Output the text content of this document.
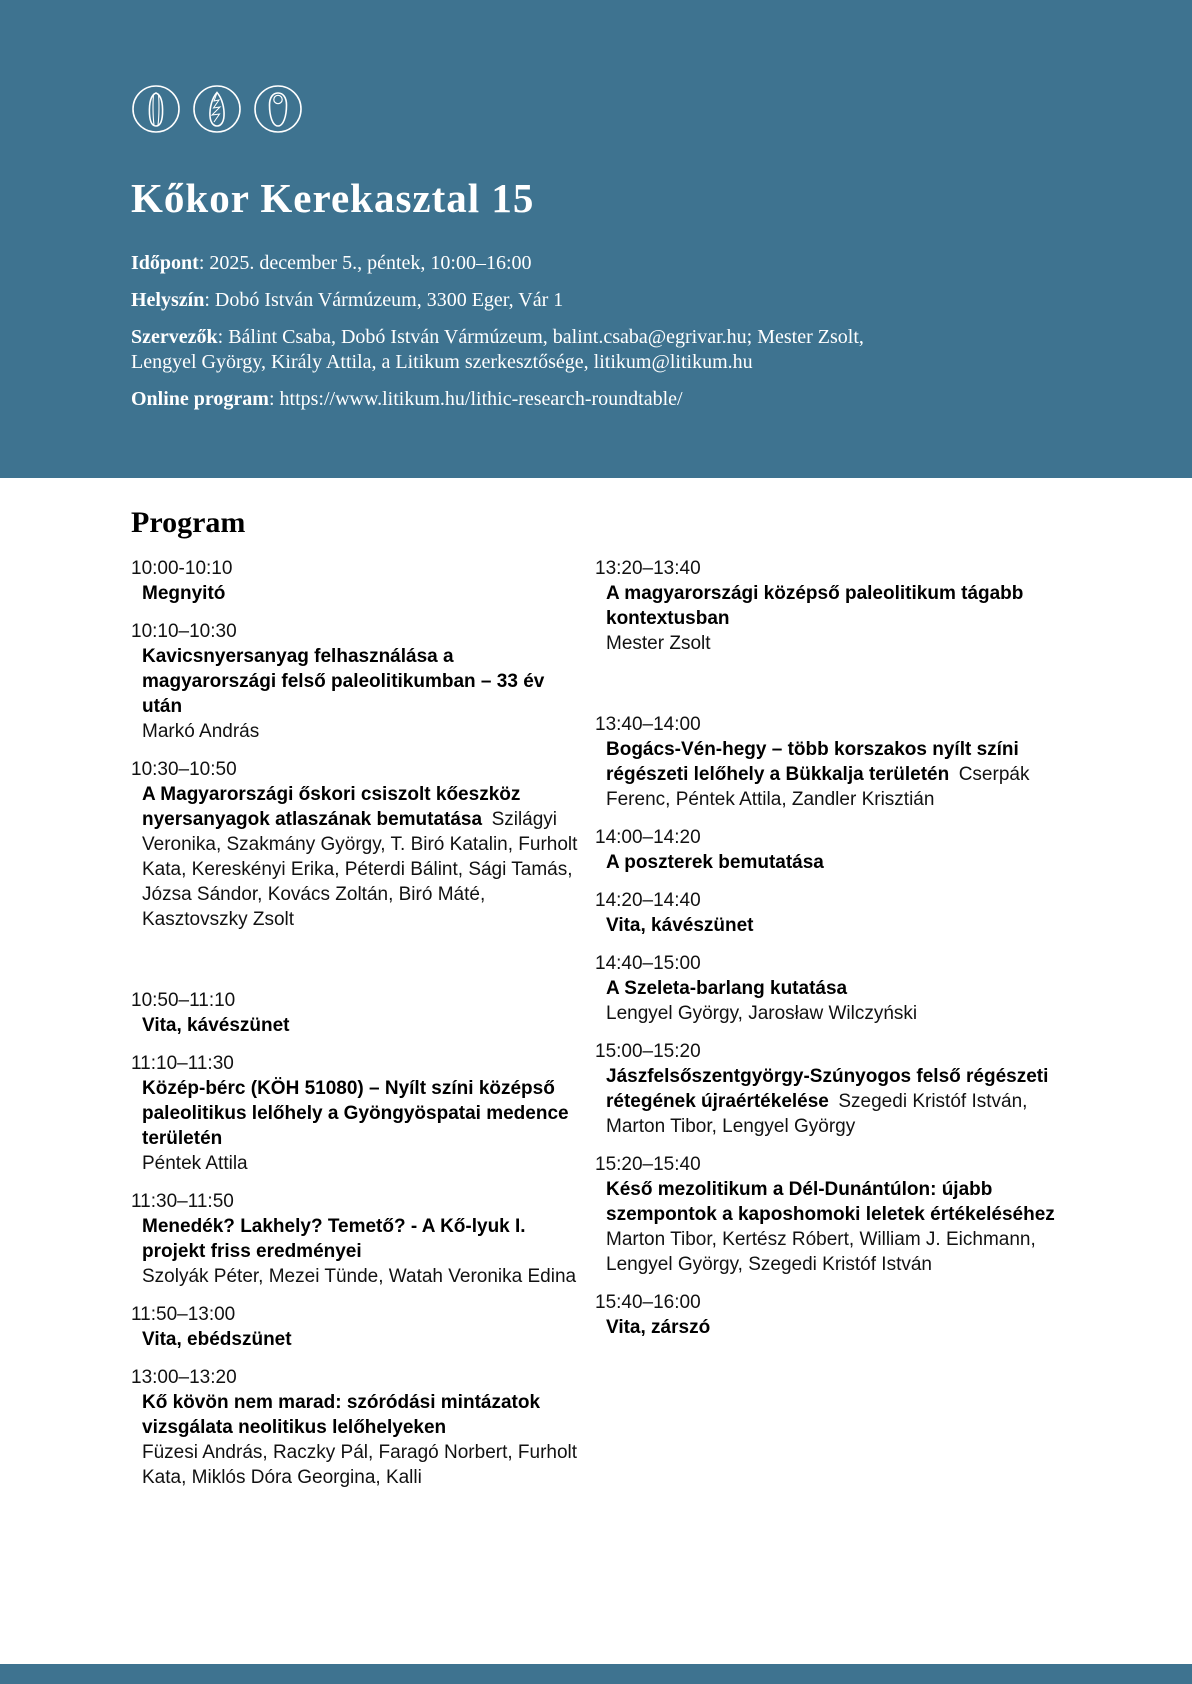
Kőkor Kerekasztal 15

Időpont: 2025. december 5., péntek, 10:00–16:00

Helyszín: Dobó István Vármúzeum, 3300 Eger, Vár 1

Szervezők: Bálint Csaba, Dobó István Vármúzeum, balint.csaba@egrivar.hu; Mester Zsolt, Lengyel György, Király Attila, a Litikum szerkesztősége, litikum@litikum.hu

Online program: https://www.litikum.hu/lithic-research-roundtable/

Program
10:00-10:10
Megnyitó
10:10–10:30
Kavicsnyersanyag felhasználása a magyarországi felső paleolitikumban – 33 év után
Markó András
10:30–10:50
A Magyarországi őskori csiszolt kőeszköz nyersanyagok atlaszának bemutatása  Szilágyi Veronika, Szakmány György, T. Biró Katalin, Furholt Kata, Kereskényi Erika, Péterdi Bálint, Sági Tamás, Józsa Sándor, Kovács Zoltán, Biró Máté, Kasztovszky Zsolt
10:50–11:10
Vita, kávészünet
11:10–11:30
Közép-bérc (KÖH 51080) – Nyílt színi középső paleolitikus lelőhely a Gyöngyöspatai medence területén
Péntek Attila
11:30–11:50
Menedék? Lakhely? Temető? - A Kő-lyuk I. projekt friss eredményei
Szolyák Péter, Mezei Tünde, Watah Veronika Edina
11:50–13:00
Vita, ebédszünet
13:00–13:20
Kő kövön nem marad: szóródási mintázatok vizsgálata neolitikus lelőhelyeken
Füzesi András, Raczky Pál, Faragó Norbert, Furholt Kata, Miklós Dóra Georgina, Kalli
13:20–13:40
A magyarországi középső paleolitikum tágabb kontextusban
Mester Zsolt
13:40–14:00
Bogács-Vén-hegy – több korszakos nyílt színi régészeti lelőhely a Bükkalja területén  Cserpák Ferenc, Péntek Attila, Zandler Krisztián
14:00–14:20
A poszterek bemutatása
14:20–14:40
Vita, kávészünet
14:40–15:00
A Szeleta-barlang kutatása
Lengyel György, Jarosław Wilczyński
15:00–15:20
Jászfelsőszentgyörgy-Szúnyogos felső régészeti rétegének újraértékelése  Szegedi Kristóf István, Marton Tibor, Lengyel György
15:20–15:40
Késő mezolitikum a Dél-Dunántúlon: újabb szempontok a kaposhomoki leletek értékeléséhez
Marton Tibor, Kertész Róbert, William J. Eichmann, Lengyel György, Szegedi Kristóf István
15:40–16:00
Vita, zárszó
